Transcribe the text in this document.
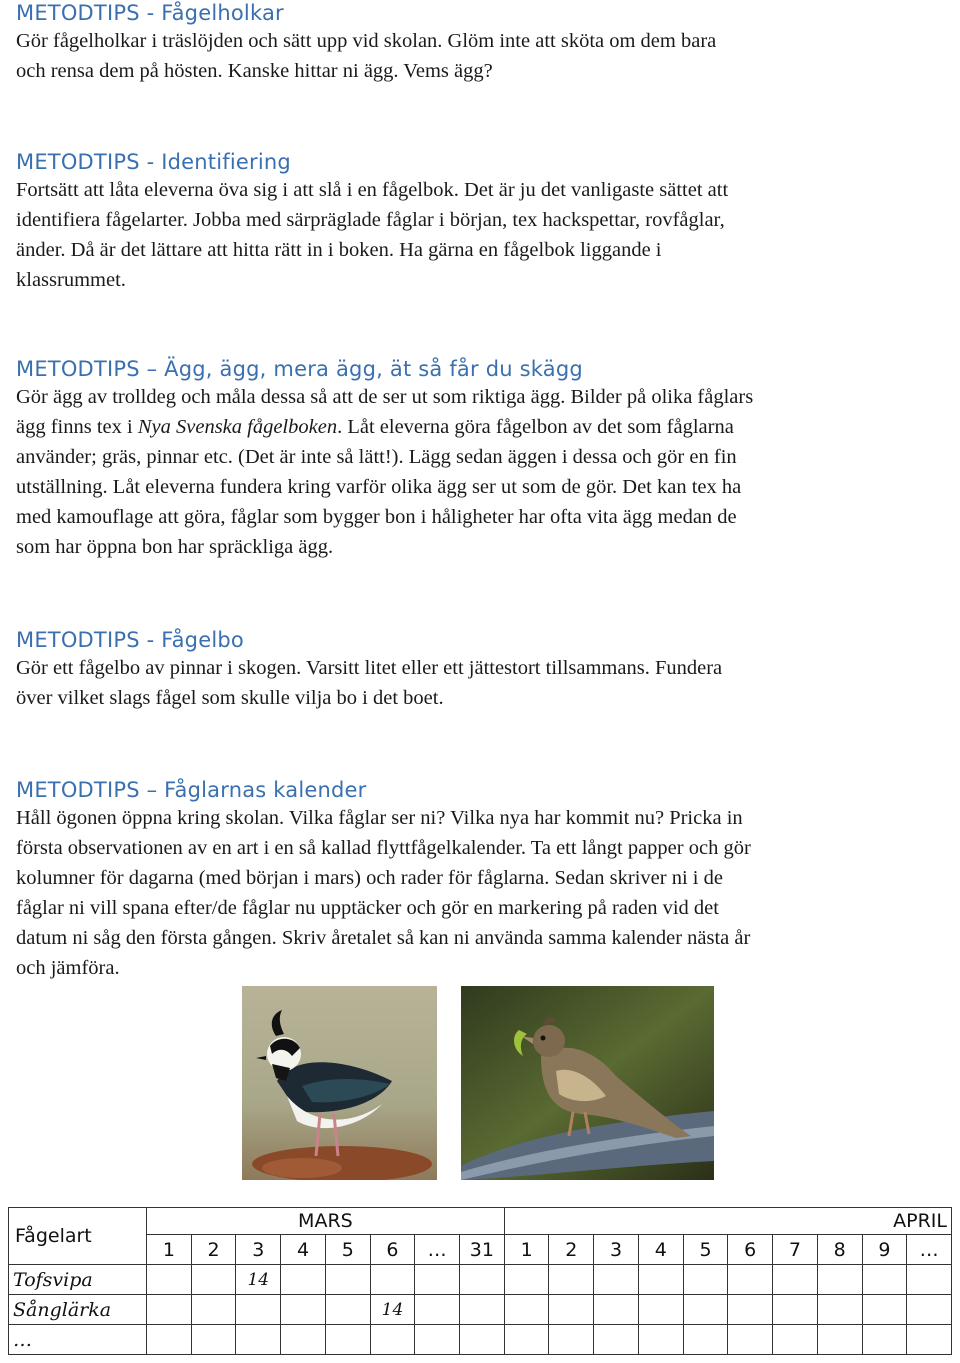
METODTIPS - Fågelholkar

Gör fågelholkar i träslöjden och sätt upp vid skolan. Glöm inte att sköta om dem bara

och rensa dem på hösten. Kanske hittar ni ägg. Vems ägg?

METODTIPS - Identifiering

Fortsätt att låta eleverna öva sig i att slå i en fågelbok. Det är ju det vanligaste sättet att

identifiera fågelarter. Jobba med särpräglade fåglar i början, tex hackspettar, rovfåglar,

änder. Då är det lättare att hitta rätt in i boken. Ha gärna en fågelbok liggande i

klassrummet.

METODTIPS – Ägg, ägg, mera ägg, ät så får du skägg

Gör ägg av trolldeg och måla dessa så att de ser ut som riktiga ägg. Bilder på olika fåglars

ägg finns tex i Nya Svenska fågelboken. Låt eleverna göra fågelbon av det som fåglarna

använder; gräs, pinnar etc. (Det är inte så lätt!). Lägg sedan äggen i dessa och gör en fin

utställning. Låt eleverna fundera kring varför olika ägg ser ut som de gör. Det kan tex ha

med kamouflage att göra, fåglar som bygger bon i håligheter har ofta vita ägg medan de

som har öppna bon har spräckliga ägg.

METODTIPS - Fågelbo

Gör ett fågelbo av pinnar i skogen. Varsitt litet eller ett jättestort tillsammans. Fundera

över vilket slags fågel som skulle vilja bo i det boet.

METODTIPS – Fåglarnas kalender

Håll ögonen öppna kring skolan. Vilka fåglar ser ni? Vilka nya har kommit nu? Pricka in

första observationen av en art i en så kallad flyttfågelkalender. Ta ett långt papper och gör

kolumner för dagarna (med början i mars) och rader för fåglarna. Sedan skriver ni i de

fåglar ni vill spana efter/de fåglar nu upptäcker och gör en markering på raden vid det

datum ni såg den första gången. Skriv åretalet så kan ni använda samma kalender nästa år

och jämföra.

Fågelart	MARS								APRIL									
	1	2	3	4	5	6	…	31	1	2	3	4	5	6	7	8	9	…
Tofsvipa			14															
Sånglärka						14												
…																		
